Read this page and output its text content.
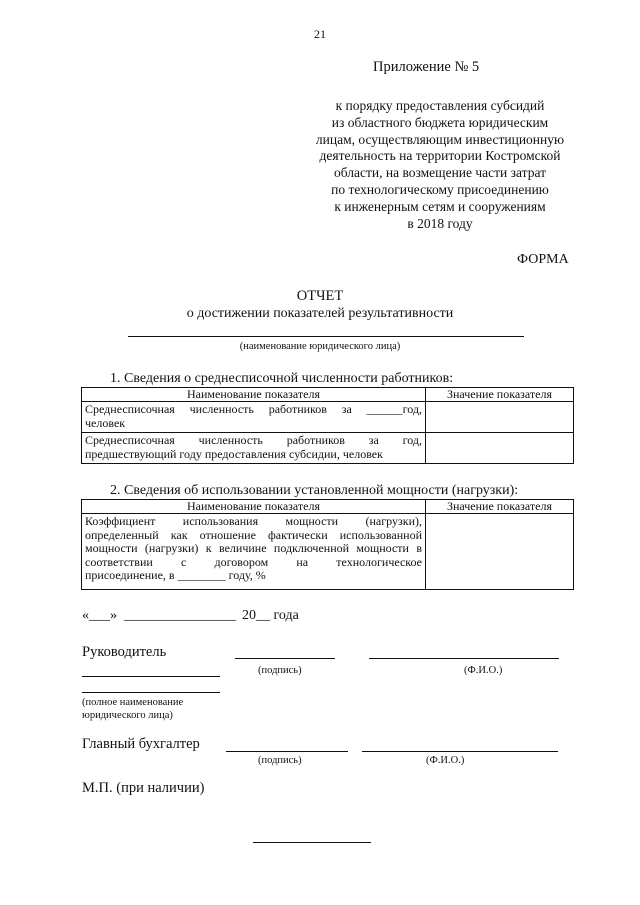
21
Приложение № 5
к порядку предоставления субсидий
из областного бюджета юридическим
лицам, осуществляющим инвестиционную
деятельность на территории Костромской
области, на возмещение части затрат
по технологическому присоединению
к инженерным сетям и сооружениям
в 2018 году
ФОРМА
ОТЧЕТ
о достижении показателей результативности
(наименование юридического лица)
1. Сведения о среднесписочной численности работников:
Наименование показателя	Значение показателя

Среднесписочная численность работников за ______год,
человек	

Среднесписочная численность работников за год,
предшествующий году предоставления субсидии, человек	

2. Сведения об использовании установленной мощности (нагрузки):
Наименование показателя	Значение показателя

Коэффициент использования мощности (нагрузки),
определенный как отношение фактически использованной
мощности (нагрузки) к величине подключенной мощности в
соответствии с договором на технологическое
присоединение, в ________ году, %	

«___» ________________ 20__ года
Руководитель
(подпись)	(Ф.И.О.)
(полное наименование
юридического лица)
Главный бухгалтер
(подпись)	(Ф.И.О.)
М.П. (при наличии)
